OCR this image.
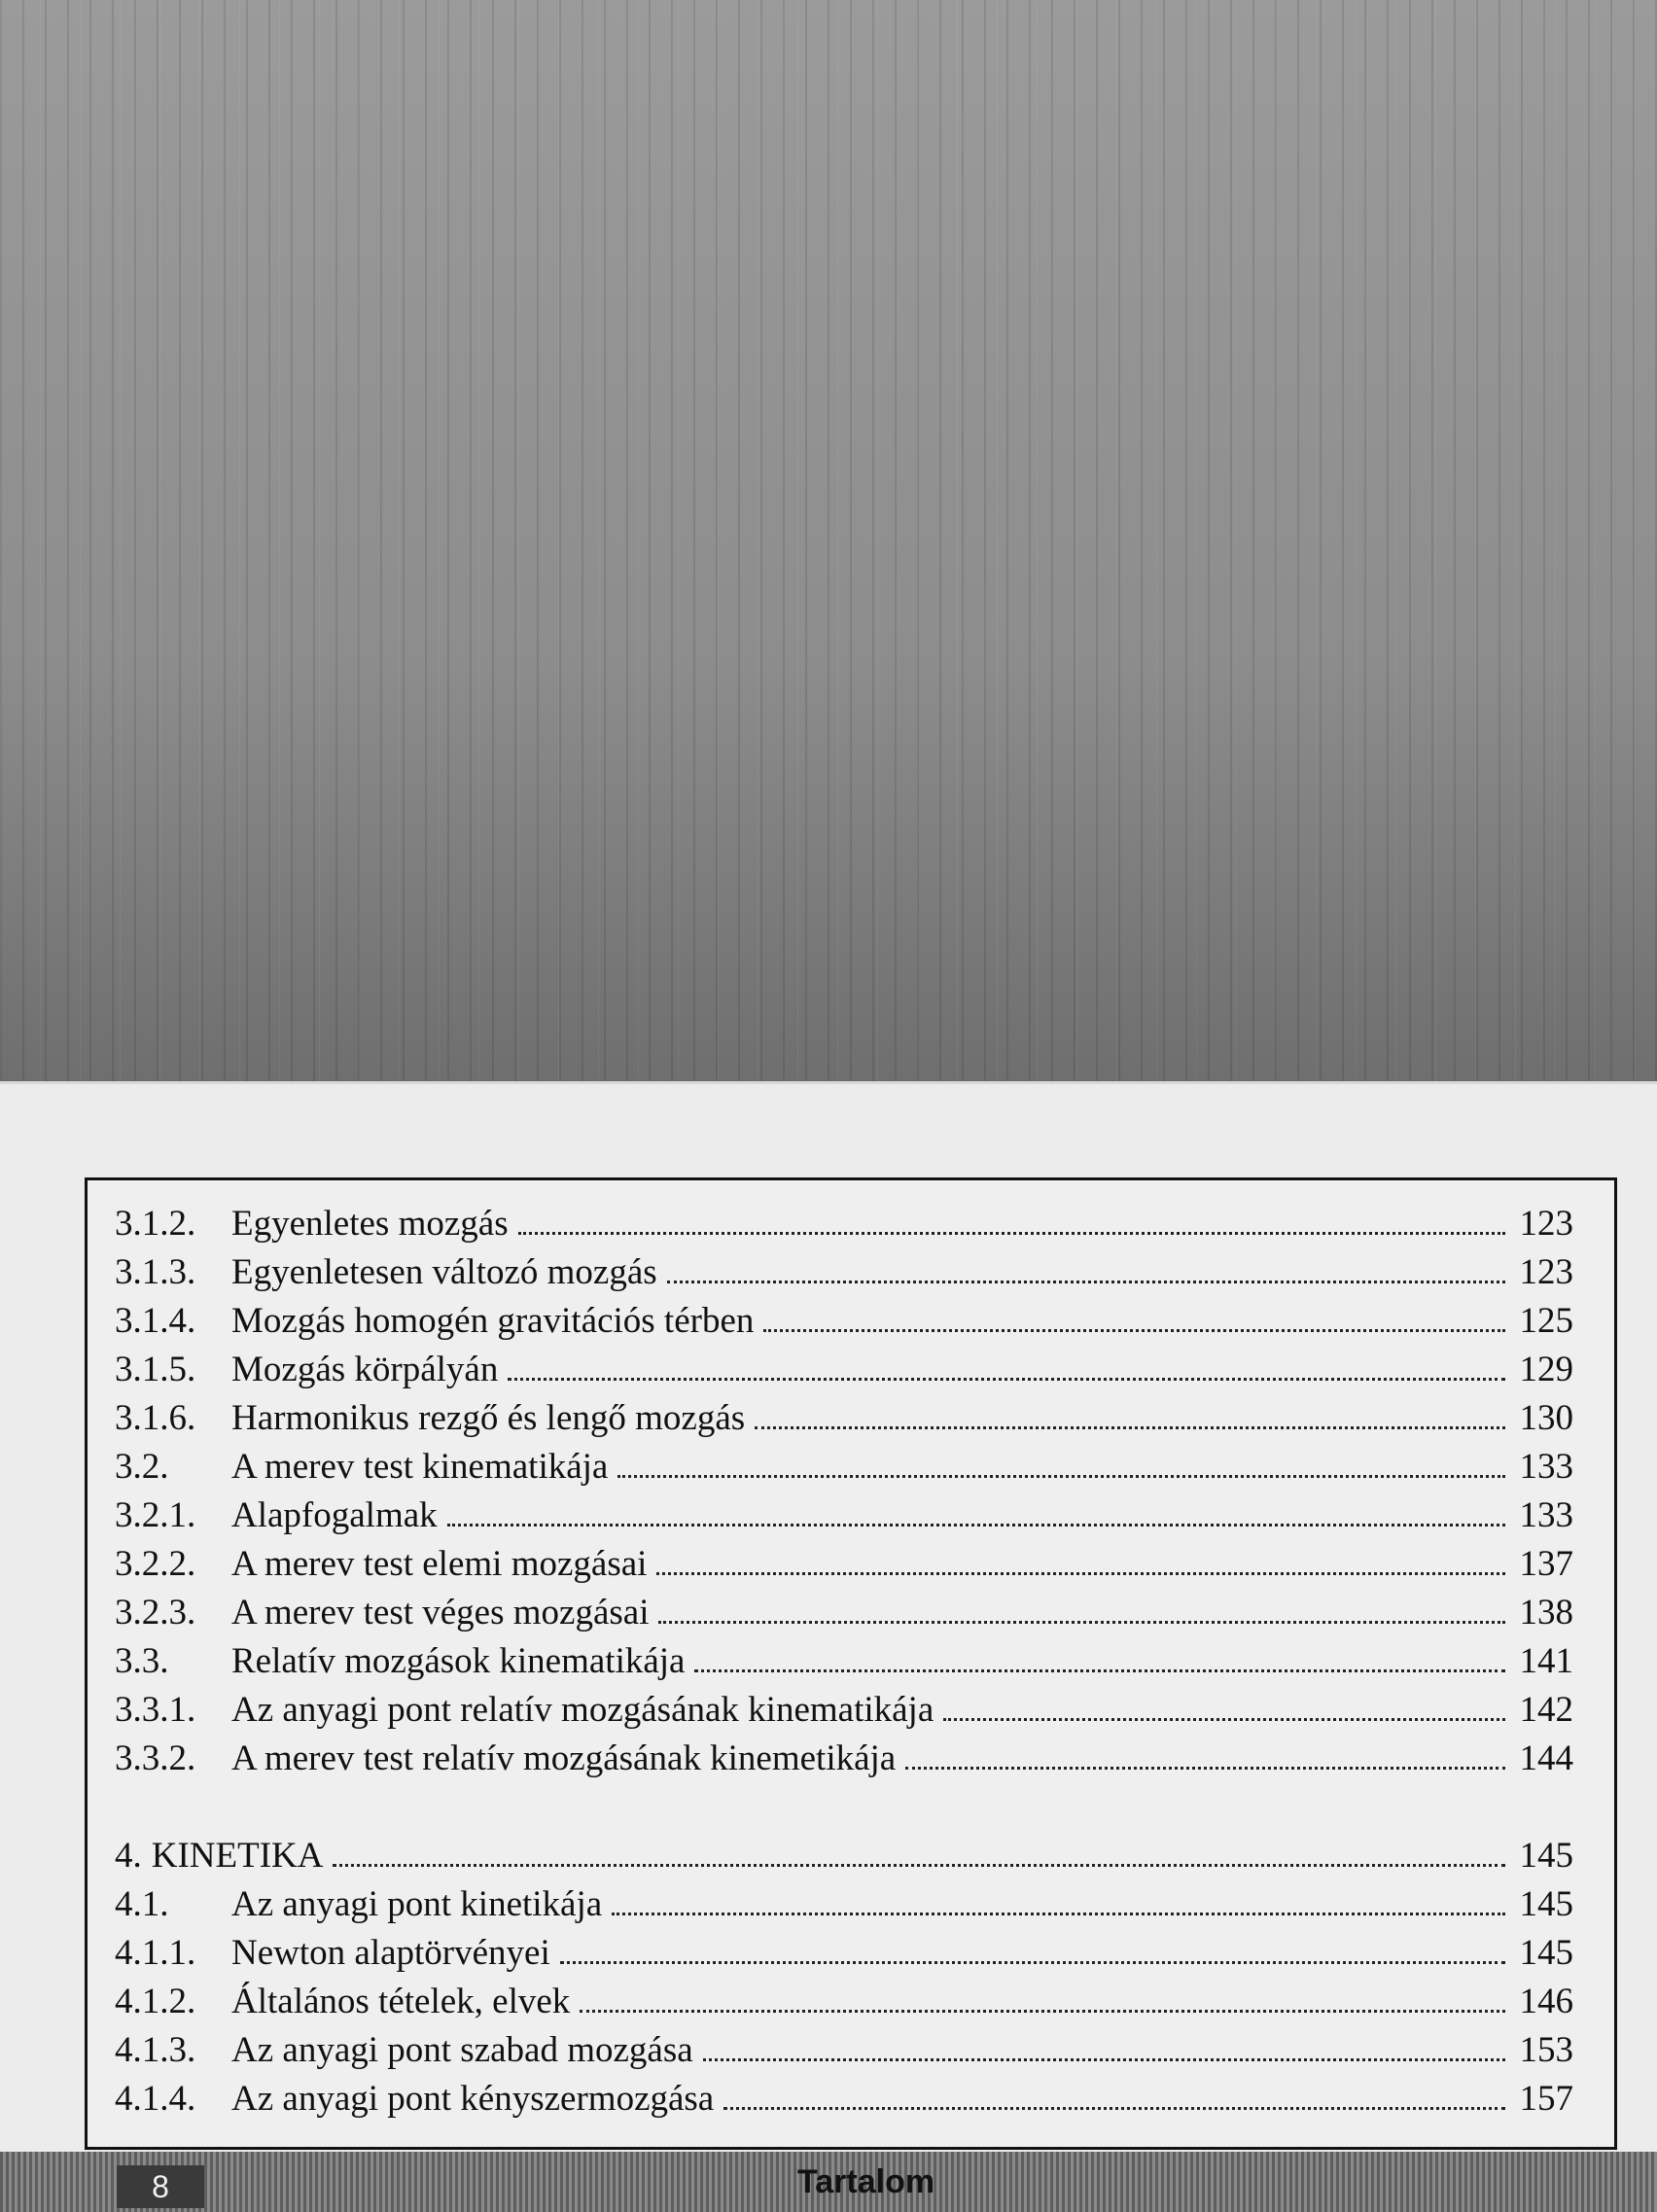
3.1.2. Egyenletes mozgás	123
3.1.3. Egyenletesen változó mozgás	123
3.1.4. Mozgás homogén gravitációs térben	125
3.1.5. Mozgás körpályán	129
3.1.6. Harmonikus rezgő és lengő mozgás	130
3.2.	A merev test kinematikája	133
3.2.1. Alapfogalmak	133
3.2.2. A merev test elemi mozgásai	137
3.2.3. A merev test véges mozgásai	138
3.3.	Relatív mozgások kinematikája	141
3.3.1. Az anyagi pont relatív mozgásának kinematikája	142
3.3.2. A merev test relatív mozgásának kinemetikája	144
4. KINETIKA	145
4.1.	Az anyagi pont kinetikája	145
4.1.1. Newton alaptörvényei	145
4.1.2. Általános tételek, elvek	146
4.1.3. Az anyagi pont szabad mozgása	153
4.1.4. Az anyagi pont kényszermozgása	157
8	Tartalom
